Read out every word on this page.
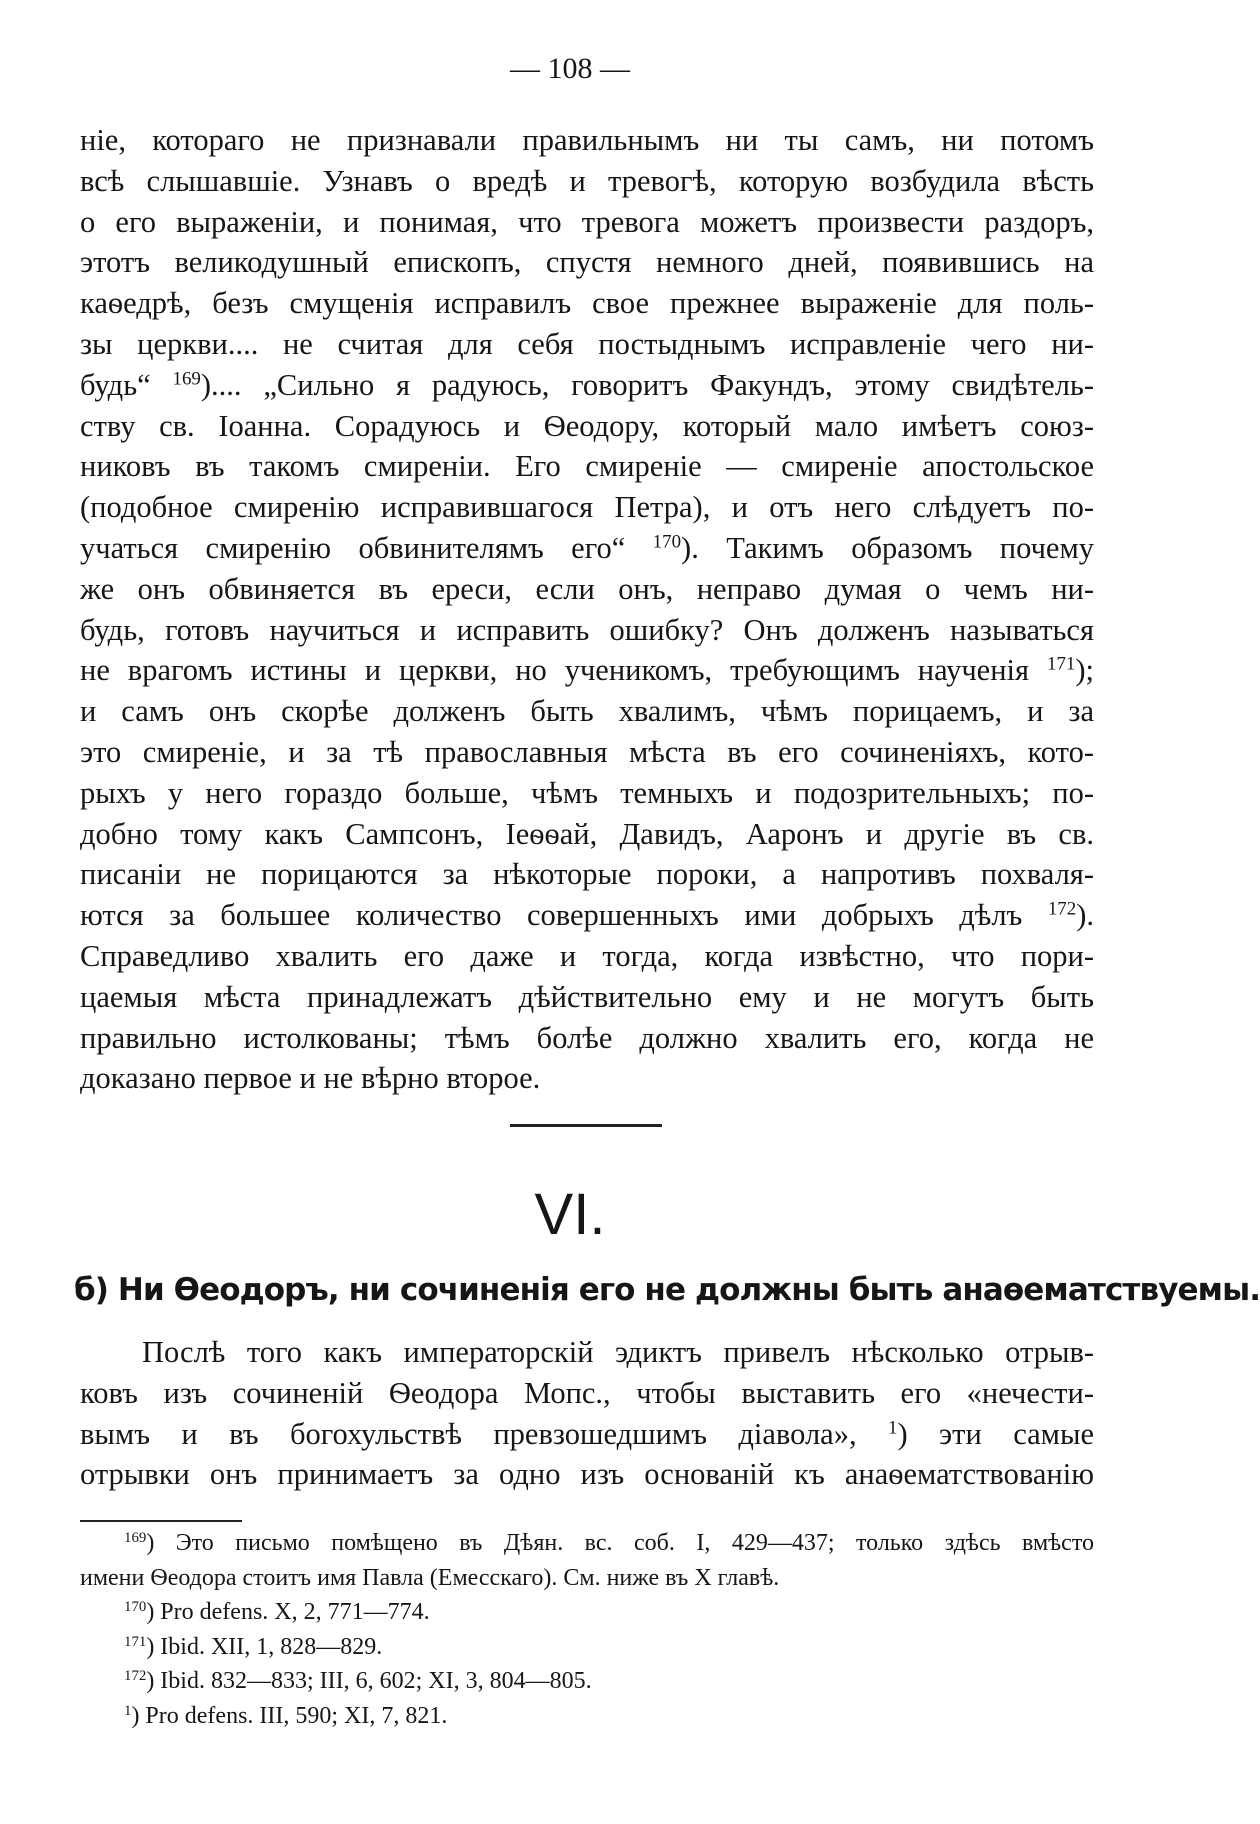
— 108 —
ніе, котораго не признавали правильнымъ ни ты самъ, ни потомъ
всѣ слышавшіе. Узнавъ о вредѣ и тревогѣ, которую возбудила вѣсть
о его выраженіи, и понимая, что тревога можетъ произвести раздоръ,
этотъ великодушный епископъ, спустя немного дней, появившись на
каѳедрѣ, безъ смущенія исправилъ свое прежнее выраженіе для поль-
зы церкви.... не считая для себя постыднымъ исправленіе чего ни-
будь“ $^{169}$).... „Сильно я радуюсь, говоритъ Факундъ, этому свидѣтель-
ству св. Іоанна. Сорадуюсь и Ѳеодору, который мало имѣетъ союз-
никовъ въ такомъ смиреніи. Его смиреніе — смиреніе апостольское
(подобное смиренію исправившагося Петра), и отъ него слѣдуетъ по-
учаться смиренію обвинителямъ его“ $^{170}$). Такимъ образомъ почему
же онъ обвиняется въ ереси, если онъ, неправо думая о чемъ ни-
будь, готовъ научиться и исправить ошибку? Онъ долженъ называться
не врагомъ истины и церкви, но ученикомъ, требующимъ наученія $^{171}$);
и самъ онъ скорѣе долженъ быть хвалимъ, чѣмъ порицаемъ, и за
это смиреніе, и за тѣ православныя мѣста въ его сочиненіяхъ, кото-
рыхъ у него гораздо больше, чѣмъ темныхъ и подозрительныхъ; по-
добно тому какъ Сампсонъ, Іеѳѳай, Давидъ, Ааронъ и другіе въ св.
писаніи не порицаются за нѣкоторые пороки, а напротивъ похваля-
ются за большее количество совершенныхъ ими добрыхъ дѣлъ $^{172}$).
Справедливо хвалить его даже и тогда, когда извѣстно, что пори-
цаемыя мѣста принадлежатъ дѣйствительно ему и не могутъ быть
правильно истолкованы; тѣмъ болѣе должно хвалить его, когда не
доказано первое и не вѣрно второе.
VI.
б) Ни Ѳеодоръ, ни сочиненія его не должны быть анаѳематствуемы.
Послѣ того какъ императорскій эдиктъ привелъ нѣсколько отрыв-
ковъ изъ сочиненій Ѳеодора Мопс., чтобы выставить его «нечести-
вымъ и въ богохульствѣ превзошедшимъ діавола», $^1$) эти самые
отрывки онъ принимаетъ за одно изъ основаній къ анаѳематствованію
$^{169}$) Это письмо помѣщено въ Дѣян. вс. соб. I, 429—437; только здѣсь вмѣсто
имени Ѳеодора стоитъ имя Павла (Емесскаго). См. ниже въ X главѣ.
$^{170}$) Pro defens. X, 2, 771—774.
$^{171}$) Ibid. XII, 1, 828—829.
$^{172}$) Ibid. 832—833; III, 6, 602; XI, 3, 804—805.
$^1$) Pro defens. III, 590; XI, 7, 821.
